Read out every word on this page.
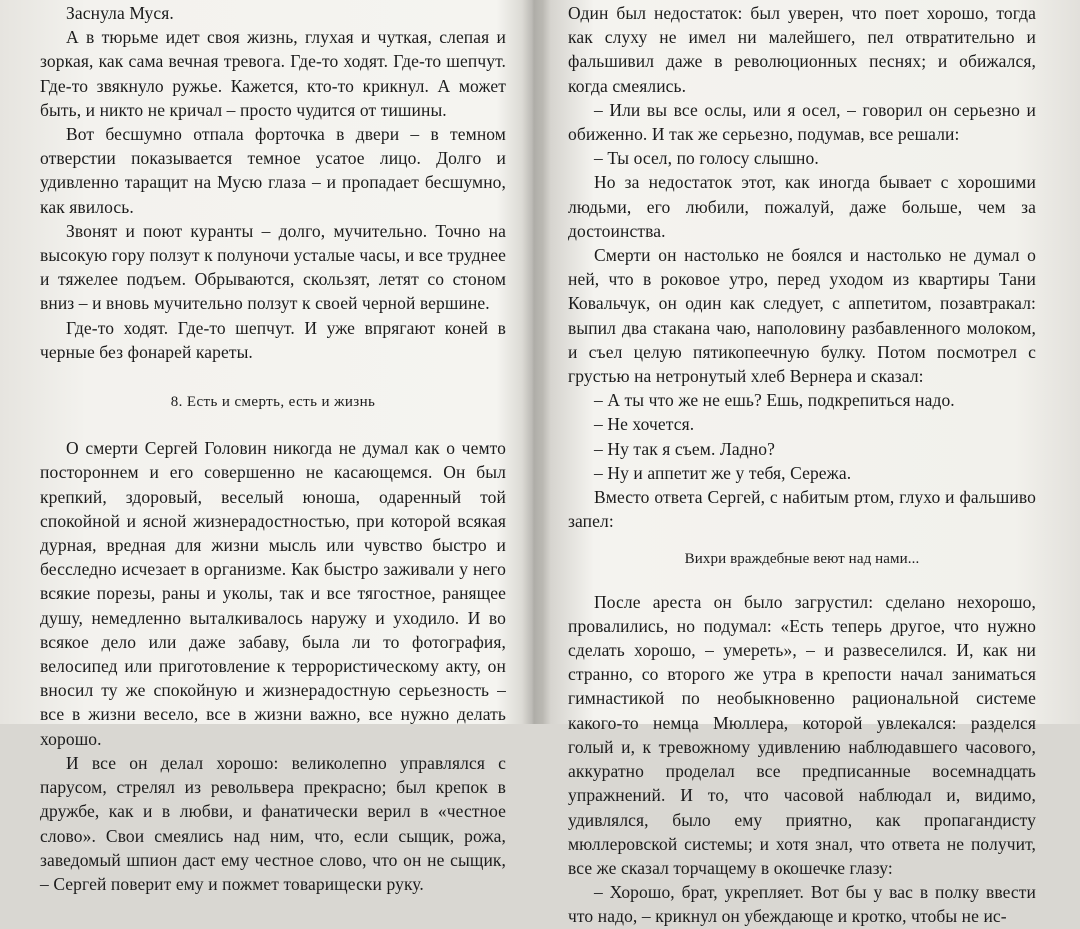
Заснула Муся.

А в тюрьме идет своя жизнь, глухая и чуткая, слепая и зоркая, как сама вечная тревога. Где-то ходят. Где-то шепчут. Где-то звякнуло ружье. Кажется, кто-то крикнул. А может быть, и никто не кричал – просто чудится от тишины.

Вот бесшумно отпала форточка в двери – в темном отверстии показывается темное усатое лицо. Долго и удивленно таращит на Мусю глаза – и пропадает бесшумно, как явилось.

Звонят и поют куранты – долго, мучительно. Точно на высокую гору ползут к полуночи усталые часы, и все труднее и тяжелее подъем. Обрываются, скользят, летят со стоном вниз – и вновь мучительно ползут к своей черной вершине.

Где-то ходят. Где-то шепчут. И уже впрягают коней в черные без фонарей кареты.

8. Есть и смерть, есть и жизнь

О смерти Сергей Головин никогда не думал как о чемто постороннем и его совершенно не касающемся. Он был крепкий, здоровый, веселый юноша, одаренный той спокойной и ясной жизнерадостностью, при которой всякая дурная, вредная для жизни мысль или чувство быстро и бесследно исчезает в организме. Как быстро заживали у него всякие порезы, раны и уколы, так и все тягостное, ранящее душу, немедленно выталкивалось наружу и уходило. И во всякое дело или даже забаву, была ли то фотография, велосипед или приготовление к террористическому акту, он вносил ту же спокойную и жизнерадостную серьезность – все в жизни весело, все в жизни важно, все нужно делать хорошо.

И все он делал хорошо: великолепно управлялся с парусом, стрелял из револьвера прекрасно; был крепок в дружбе, как и в любви, и фанатически верил в «честное слово». Свои смеялись над ним, что, если сыщик, рожа, заведомый шпион даст ему честное слово, что он не сыщик, – Сергей поверит ему и пожмет товарищески руку.

Один был недостаток: был уверен, что поет хорошо, тогда как слуху не имел ни малейшего, пел отвратительно и фальшивил даже в революционных песнях; и обижался, когда смеялись.

– Или вы все ослы, или я осел, – говорил он серьезно и обиженно. И так же серьезно, подумав, все решали:

– Ты осел, по голосу слышно.

Но за недостаток этот, как иногда бывает с хорошими людьми, его любили, пожалуй, даже больше, чем за достоинства.

Смерти он настолько не боялся и настолько не думал о ней, что в роковое утро, перед уходом из квартиры Тани Ковальчук, он один как следует, с аппетитом, позавтракал: выпил два стакана чаю, наполовину разбавленного молоком, и съел целую пятикопеечную булку. Потом посмотрел с грустью на нетронутый хлеб Вернера и сказал:

– А ты что же не ешь? Ешь, подкрепиться надо.

– Не хочется.

– Ну так я съем. Ладно?

– Ну и аппетит же у тебя, Сережа.

Вместо ответа Сергей, с набитым ртом, глухо и фальшиво запел:

Вихри враждебные веют над нами...

После ареста он было загрустил: сделано нехорошо, провалились, но подумал: «Есть теперь другое, что нужно сделать хорошо, – умереть», – и развеселился. И, как ни странно, со второго же утра в крепости начал заниматься гимнастикой по необыкновенно рациональной системе какого-то немца Мюллера, которой увлекался: разделся голый и, к тревожному удивлению наблюдавшего часового, аккуратно проделал все предписанные восемнадцать упражнений. И то, что часовой наблюдал и, видимо, удивлялся, было ему приятно, как пропагандисту мюллеровской системы; и хотя знал, что ответа не получит, все же сказал торчащему в окошечке глазу:

– Хорошо, брат, укрепляет. Вот бы у вас в полку ввести что надо, – крикнул он убеждающе и кротко, чтобы не ис-
